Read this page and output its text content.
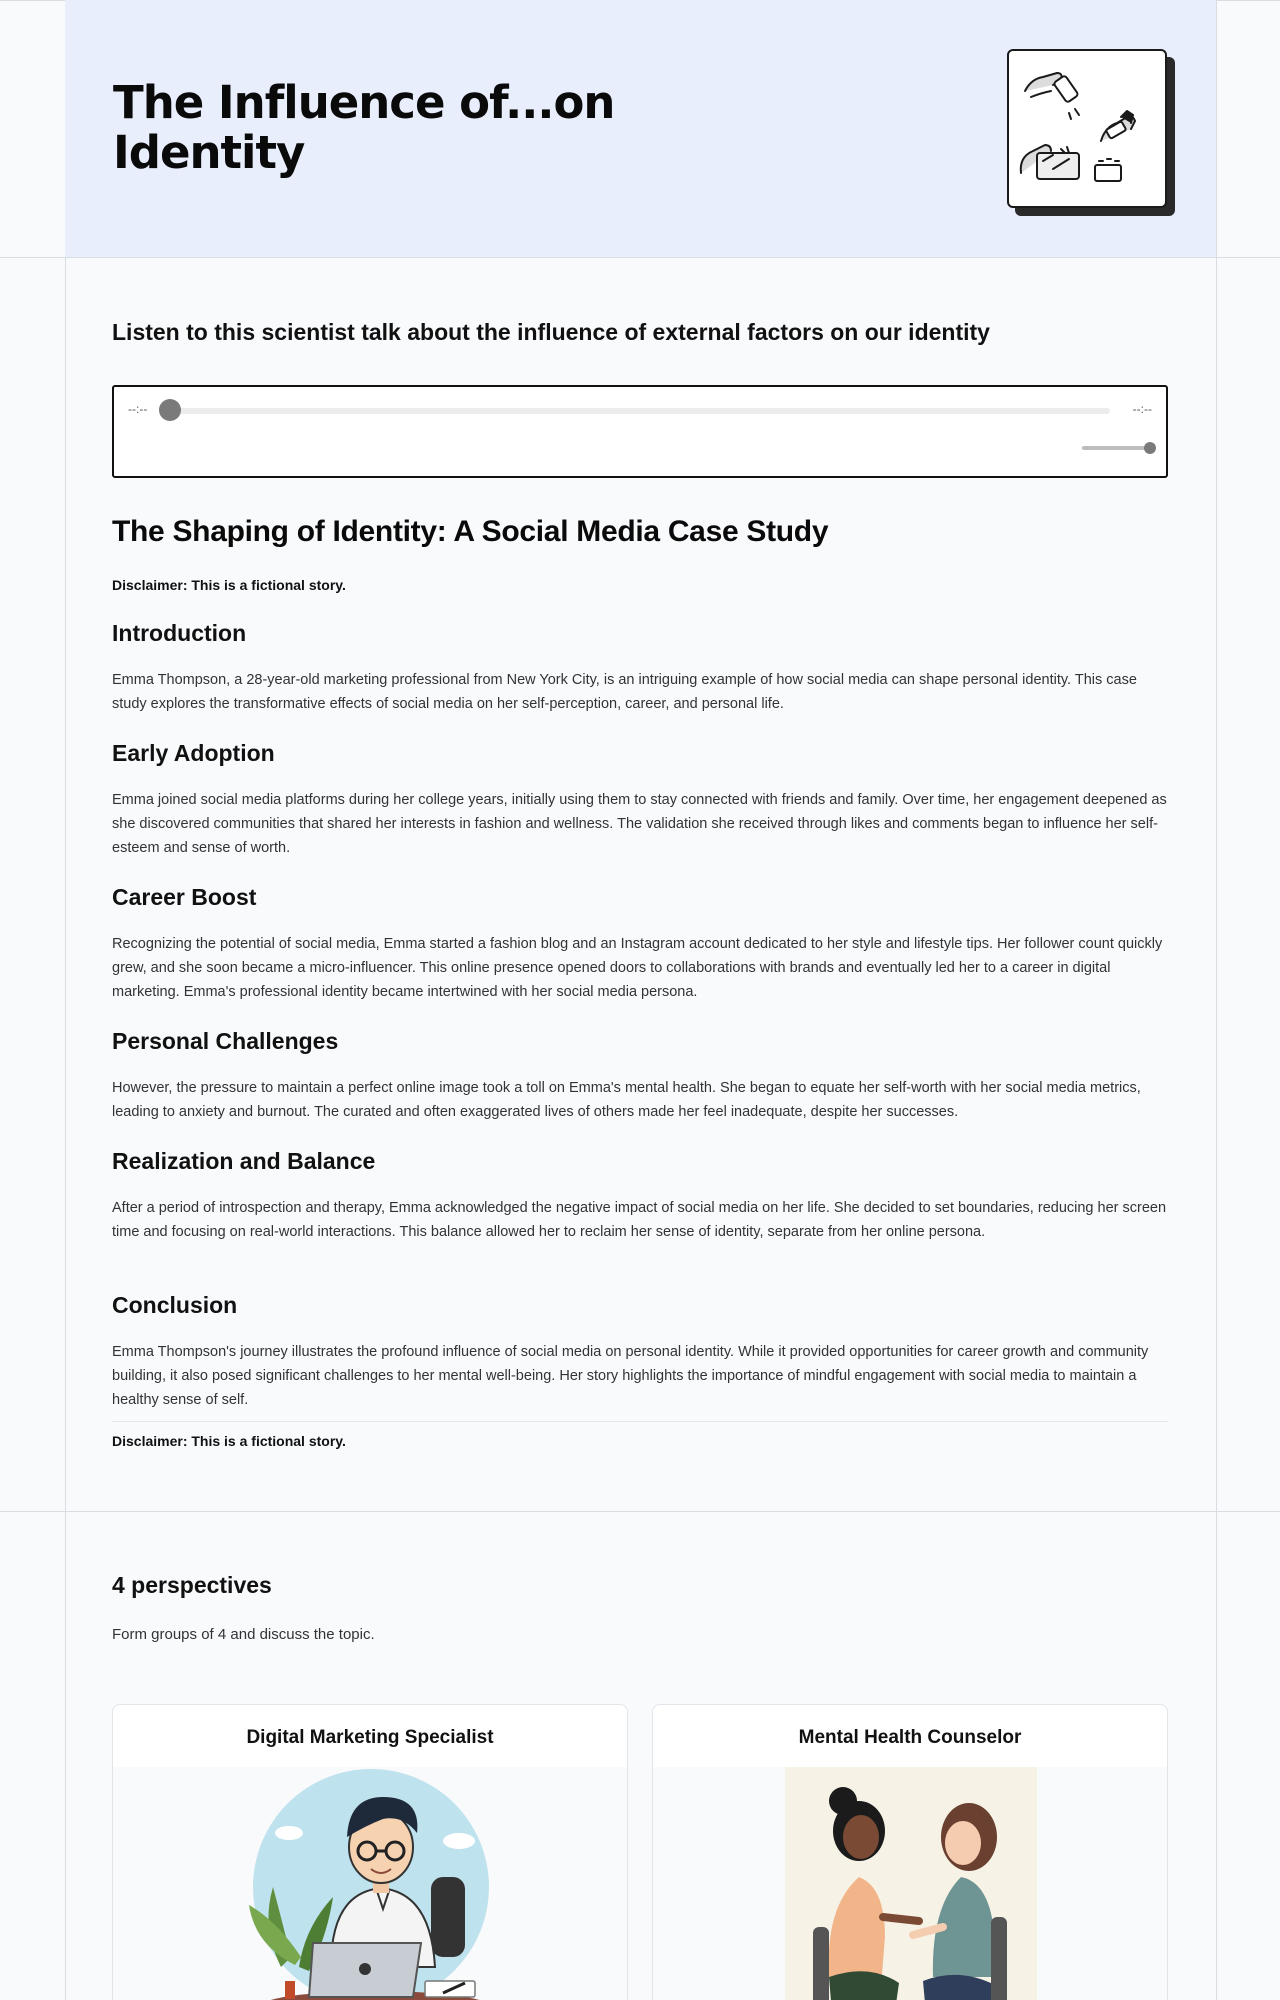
The Influence of...on Identity
Listen to this scientist talk about the influence of external factors on our identity
--:--	--:--
The Shaping of Identity: A Social Media Case Study

Disclaimer: This is a fictional story.

Introduction

Emma Thompson, a 28-year-old marketing professional from New York City, is an intriguing example of how social media can shape personal identity. This case study explores the transformative effects of social media on her self-perception, career, and personal life.

Early Adoption

Emma joined social media platforms during her college years, initially using them to stay connected with friends and family. Over time, her engagement deepened as she discovered communities that shared her interests in fashion and wellness. The validation she received through likes and comments began to influence her self-esteem and sense of worth.

Career Boost

Recognizing the potential of social media, Emma started a fashion blog and an Instagram account dedicated to her style and lifestyle tips. Her follower count quickly grew, and she soon became a micro-influencer. This online presence opened doors to collaborations with brands and eventually led her to a career in digital marketing. Emma's professional identity became intertwined with her social media persona.

Personal Challenges

However, the pressure to maintain a perfect online image took a toll on Emma's mental health. She began to equate her self-worth with her social media metrics, leading to anxiety and burnout. The curated and often exaggerated lives of others made her feel inadequate, despite her successes.

Realization and Balance

After a period of introspection and therapy, Emma acknowledged the negative impact of social media on her life. She decided to set boundaries, reducing her screen time and focusing on real-world interactions. This balance allowed her to reclaim her sense of identity, separate from her online persona.

Conclusion

Emma Thompson's journey illustrates the profound influence of social media on personal identity. While it provided opportunities for career growth and community building, it also posed significant challenges to her mental well-being. Her story highlights the importance of mindful engagement with social media to maintain a healthy sense of self.

Disclaimer: This is a fictional story.

4 perspectives

Form groups of 4 and discuss the topic.

Digital Marketing Specialist	Mental Health Counselor
